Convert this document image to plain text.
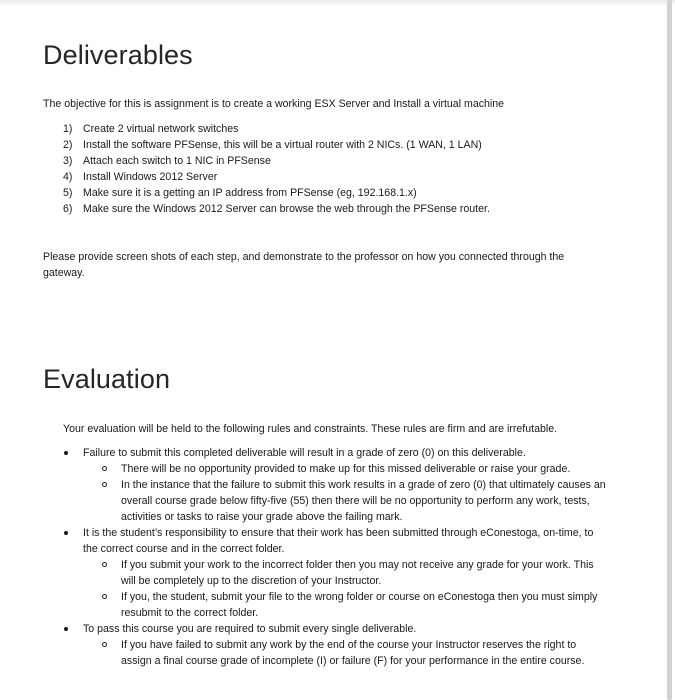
Deliverables

The objective for this is assignment is to create a working ESX Server and Install a virtual machine

1) Create 2 virtual network switches
2) Install the software PFSense, this will be a virtual router with 2 NICs. (1 WAN, 1 LAN)
3) Attach each switch to 1 NIC in PFSense
4) Install Windows 2012 Server
5) Make sure it is a getting an IP address from PFSense (eg, 192.168.1.x)
6) Make sure the Windows 2012 Server can browse the web through the PFSense router.
Please provide screen shots of each step, and demonstrate to the professor on how you connected through the
gateway.
Evaluation
Your evaluation will be held to the following rules and constraints. These rules are firm and are irrefutable.
Failure to submit this completed deliverable will result in a grade of zero (0) on this deliverable.
There will be no opportunity provided to make up for this missed deliverable or raise your grade.
In the instance that the failure to submit this work results in a grade of zero (0) that ultimately causes an
overall course grade below fifty-five (55) then there will be no opportunity to perform any work, tests,
activities or tasks to raise your grade above the failing mark.
It is the student’s responsibility to ensure that their work has been submitted through eConestoga, on-time, to
the correct course and in the correct folder.
If you submit your work to the incorrect folder then you may not receive any grade for your work. This
will be completely up to the discretion of your Instructor.
If you, the student, submit your file to the wrong folder or course on eConestoga then you must simply
resubmit to the correct folder.
To pass this course you are required to submit every single deliverable.
If you have failed to submit any work by the end of the course your Instructor reserves the right to
assign a final course grade of incomplete (I) or failure (F) for your performance in the entire course.
